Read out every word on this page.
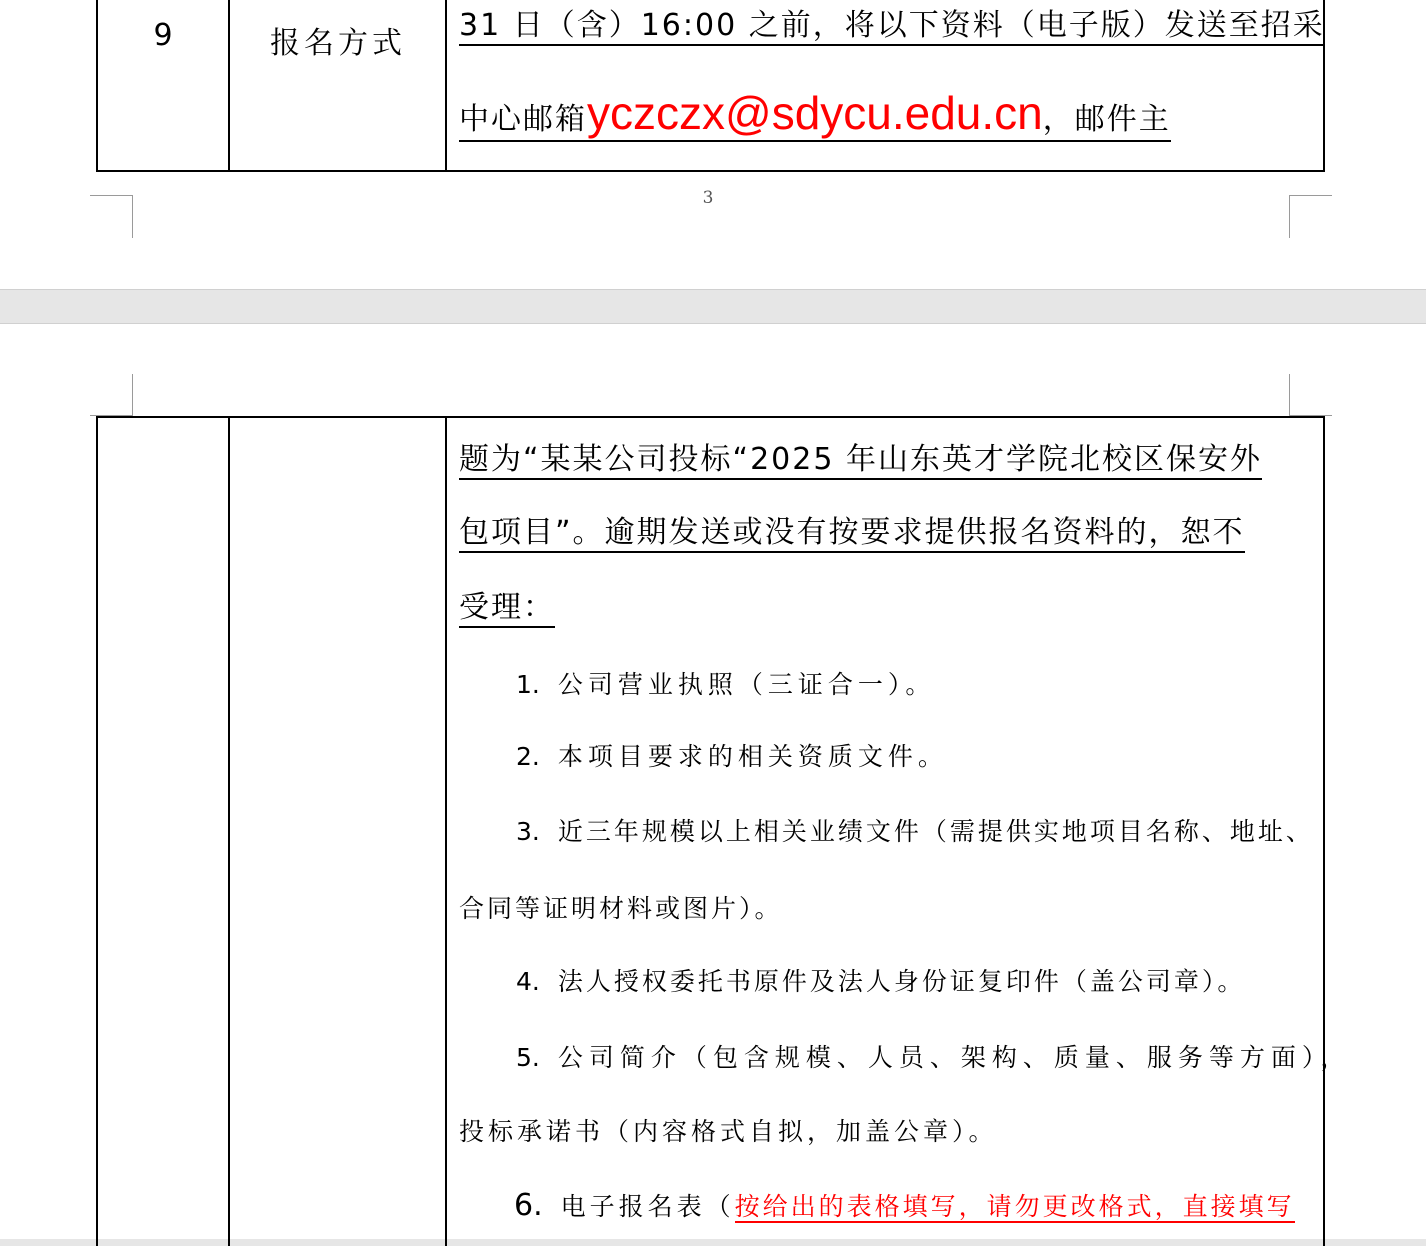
9	报名方式
31 日（含）16:00 之前，将以下资料（电子版）发送至招采
中心邮箱yczczx@sdycu.edu.cn，邮件主
3
题为“某某公司投标“2025 年山东英才学院北校区保安外
包项目”。逾期发送或没有按要求提供报名资料的，恕不
受理：
1. 公司营业执照（三证合一）。
2. 本项目要求的相关资质文件。
3. 近三年规模以上相关业绩文件（需提供实地项目名称、地址、
合同等证明材料或图片）。
4. 法人授权委托书原件及法人身份证复印件（盖公司章）。
5. 公司简介（包含规模、人员、架构、质量、服务等方面），
投标承诺书（内容格式自拟，加盖公章）。
6. 电子报名表（按给出的表格填写，请勿更改格式，直接填写
